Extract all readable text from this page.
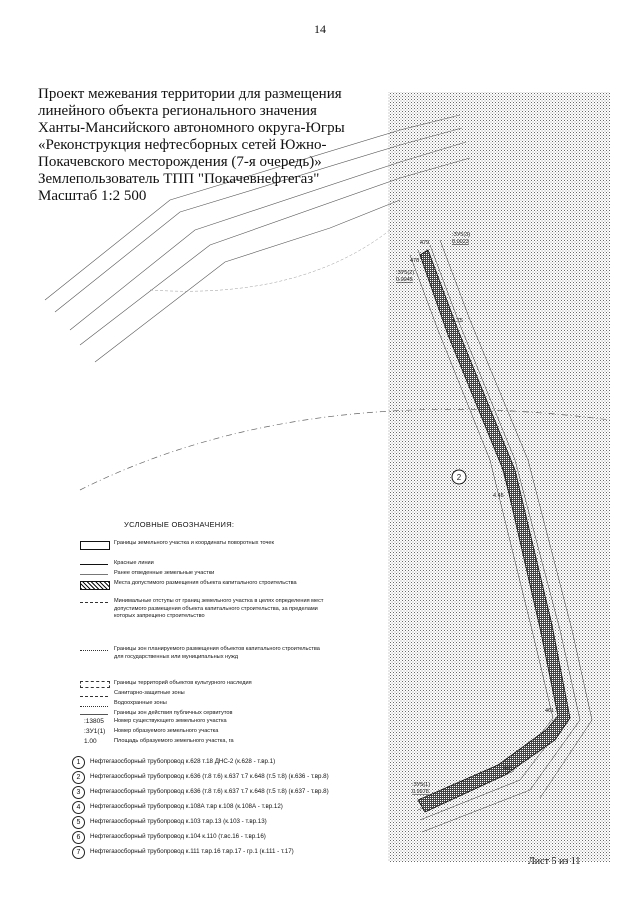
2
:ЗУ5(3)
0.0023
:ЗУ5(2)
0.0045
:ЗУ5(1)
0.9978
478
479
4.75
4.45
461
466
14
Проект межевания территории для размещения
линейного объекта регионального значения
Ханты-Мансийского автономного округа-Югры
«Реконструкция нефтесборных сетей Южно-
Покачевского месторождения (7-я очередь)»
Землепользователь ТПП "Покачевнефтегаз"
Масштаб 1:2 500
УСЛОВНЫЕ ОБОЗНАЧЕНИЯ:
Границы земельного участка и координаты поворотных точек
Красные линии
Ранее отведенные земельные участки
Места допустимого размещения объекта капитального строительства
Минимальные отступы от границ земельного участка в целях определения мест допустимого размещения объекта капитального строительства, за пределами которых запрещено строительство
Границы зон планируемого размещения объектов капитального строительства для государственных или муниципальных нужд
Границы территорий объектов культурного наследия
Санитарно-защитные зоны
Водоохранные зоны
Границы зон действия публичных сервитутов
:13805 Номер существующего земельного участка
:ЗУ1(1) Номер образуемого земельного участка
1.00	Площадь образуемого земельного участка, га
1	Нефтегазосборный трубопровод к.628 т.18 ДНС-2 (к.628 - т.вр.1)
2	Нефтегазосборный трубопровод к.636 (т.8 т.6) к.637 т.7 к.648 (т.5 т.8) (к.636 - т.вр.8)
3	Нефтегазосборный трубопровод к.636 (т.8 т.6) к.637 т.7 к.648 (т.5 т.8) (к.637 - т.вр.8)
4	Нефтегазосборный трубопровод к.108А т.вр к.108 (к.108А - т.вр.12)
5	Нефтегазосборный трубопровод к.103 т.вр.13 (к.103 - т.вр.13)
6	Нефтегазосборный трубопровод к.104 к.110 (т.вс.16 - т.вр.16)
7	Нефтегазосборный трубопровод к.111 т.вр.16 т.вр.17 - гр.1 (к.111 - т.17)
Лист 5 из 11
